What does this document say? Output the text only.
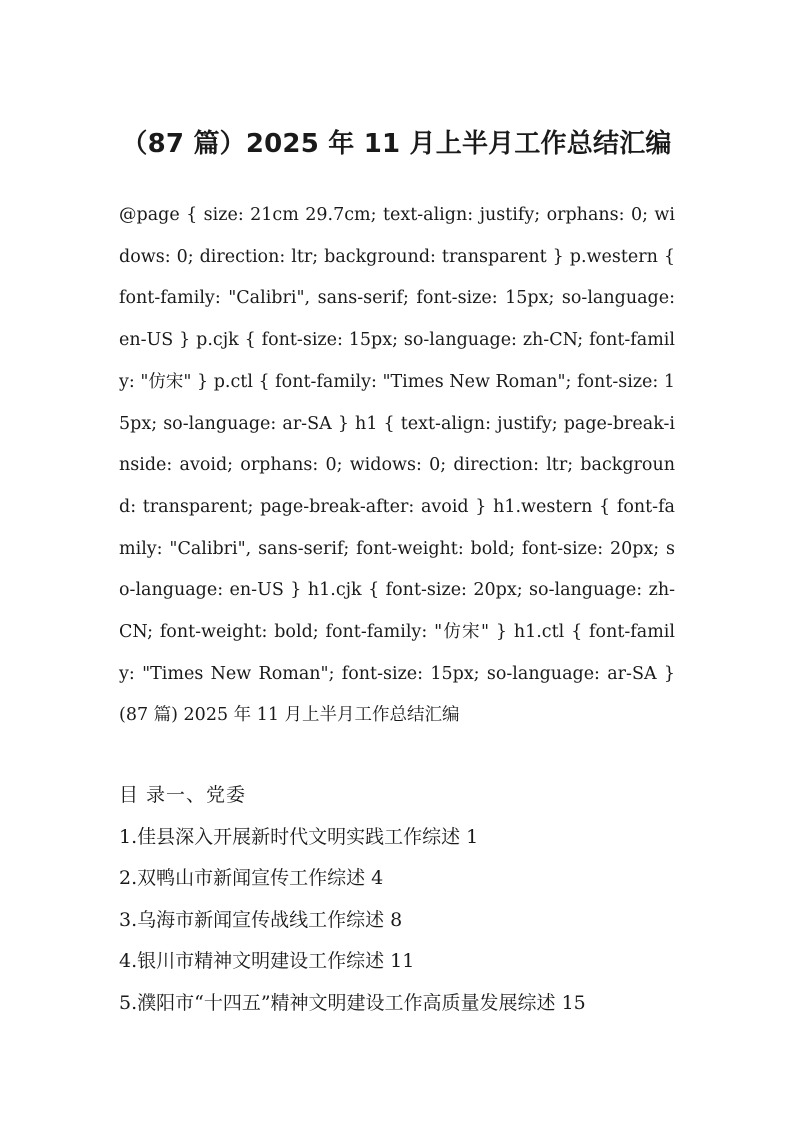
（87 篇）2025 年 11 月上半月工作总结汇编

@page { size: 21cm 29.7cm; text-align: justify; orphans: 0; widows: 0; direction: ltr; background: transparent } p.western { font-family: "Calibri", sans-serif; font-size: 15px; so-language: en-US } p.cjk { font-size: 15px; so-language: zh-CN; font-family: "仿宋" } p.ctl { font-family: "Times New Roman"; font-size: 15px; so-language: ar-SA } h1 { text-align: justify; page-break-inside: avoid; orphans: 0; widows: 0; direction: ltr; background: transparent; page-break-after: avoid } h1.western { font-family: "Calibri", sans-serif; font-weight: bold; font-size: 20px; so-language: en-US } h1.cjk { font-size: 20px; so-language: zh-CN; font-weight: bold; font-family: "仿宋" } h1.ctl { font-family: "Times New Roman"; font-size: 15px; so-language: ar-SA } (87 篇) 2025 年 11 月上半月工作总结汇编

目 录一、党委

1.佳县深入开展新时代文明实践工作综述 1

2.双鸭山市新闻宣传工作综述 4

3.乌海市新闻宣传战线工作综述 8

4.银川市精神文明建设工作综述 11

5.濮阳市“十四五”精神文明建设工作高质量发展综述 15
